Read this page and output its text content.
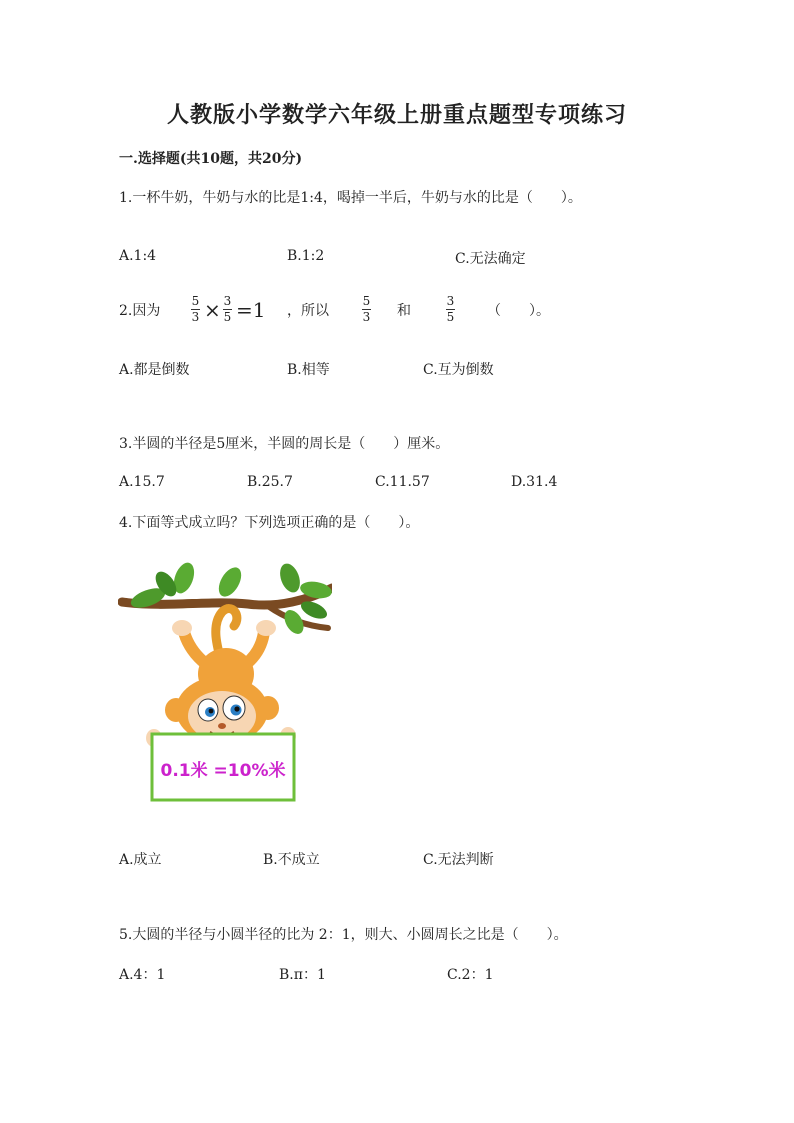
人教版小学数学六年级上册重点题型专项练习
一.选择题(共10题，共20分)
1.一杯牛奶，牛奶与水的比是1:4，喝掉一半后，牛奶与水的比是（　　）。
A.1:4	B.1:2	C.无法确定
2.因为
5
3 × 3
5 =1 ，所以
5
3 和
3
5 （　　）。
A.都是倒数	B.相等	C.互为倒数
3.半圆的半径是5厘米，半圆的周长是（　　）厘米。
A.15.7	B.25.7	C.11.57	D.31.4
4.下面等式成立吗？下列选项正确的是（　　）。
0.1米 =10%米
A.成立	B.不成立	C.无法判断
5.大圆的半径与小圆半径的比为 2：1，则大、小圆周长之比是（　　）。
A.4：1	B.π：1	C.2：1
